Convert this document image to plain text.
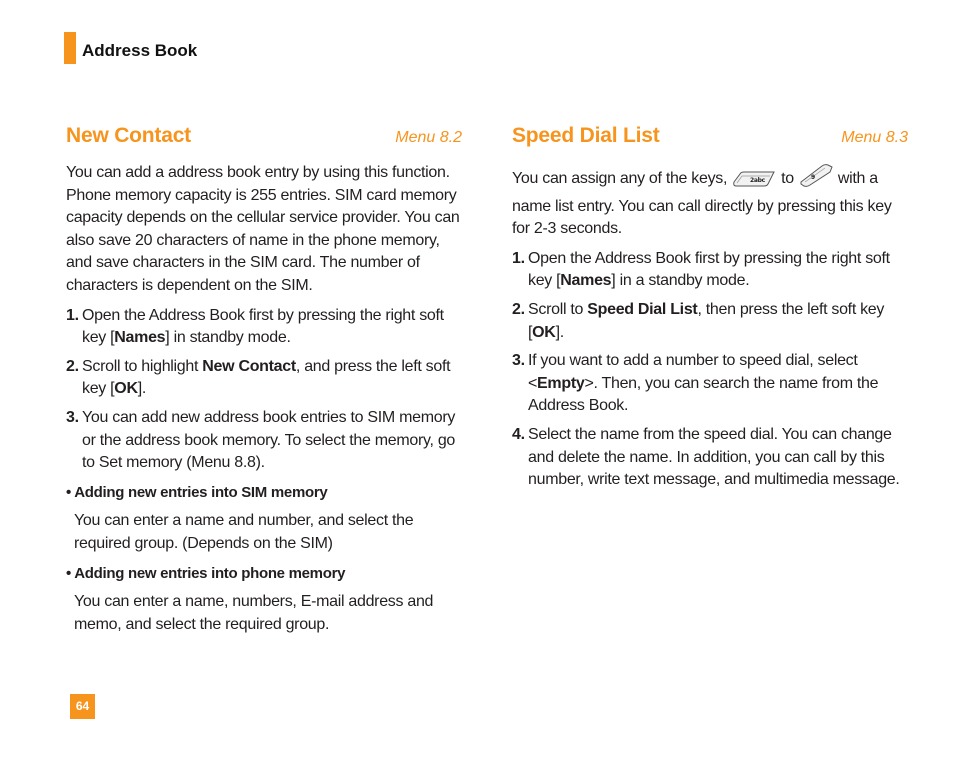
Address Book
New Contact	Menu 8.2

You can add a address book entry by using this function. Phone memory capacity is 255 entries. SIM card memory capacity depends on the cellular service provider. You can also save 20 characters of name in the phone memory, and save characters in the SIM card. The number of characters is dependent on the SIM.

1. Open the Address Book first by pressing the right soft key [Names] in standby mode.
2. Scroll to highlight New Contact, and press the left soft key [OK].
3. You can add new address book entries to SIM memory or the address book memory. To select the memory, go to Set memory (Menu 8.8).
• Adding new entries into SIM memory
You can enter a name and number, and select the required group. (Depends on the SIM)
• Adding new entries into phone memory
You can enter a name, numbers, E-mail address and memo, and select the required group.
Speed Dial List	Menu 8.3

You can assign any of the keys,	2abc to	9 with a name list entry. You can call directly by pressing this key for 2-3 seconds.

1. Open the Address Book first by pressing the right soft key [Names] in a standby mode.
2. Scroll to Speed Dial List, then press the left soft key [OK].
3. If you want to add a number to speed dial, select <Empty>. Then, you can search the name from the Address Book.
4. Select the name from the speed dial. You can change and delete the name. In addition, you can call by this number, write text message, and multimedia message.
64
